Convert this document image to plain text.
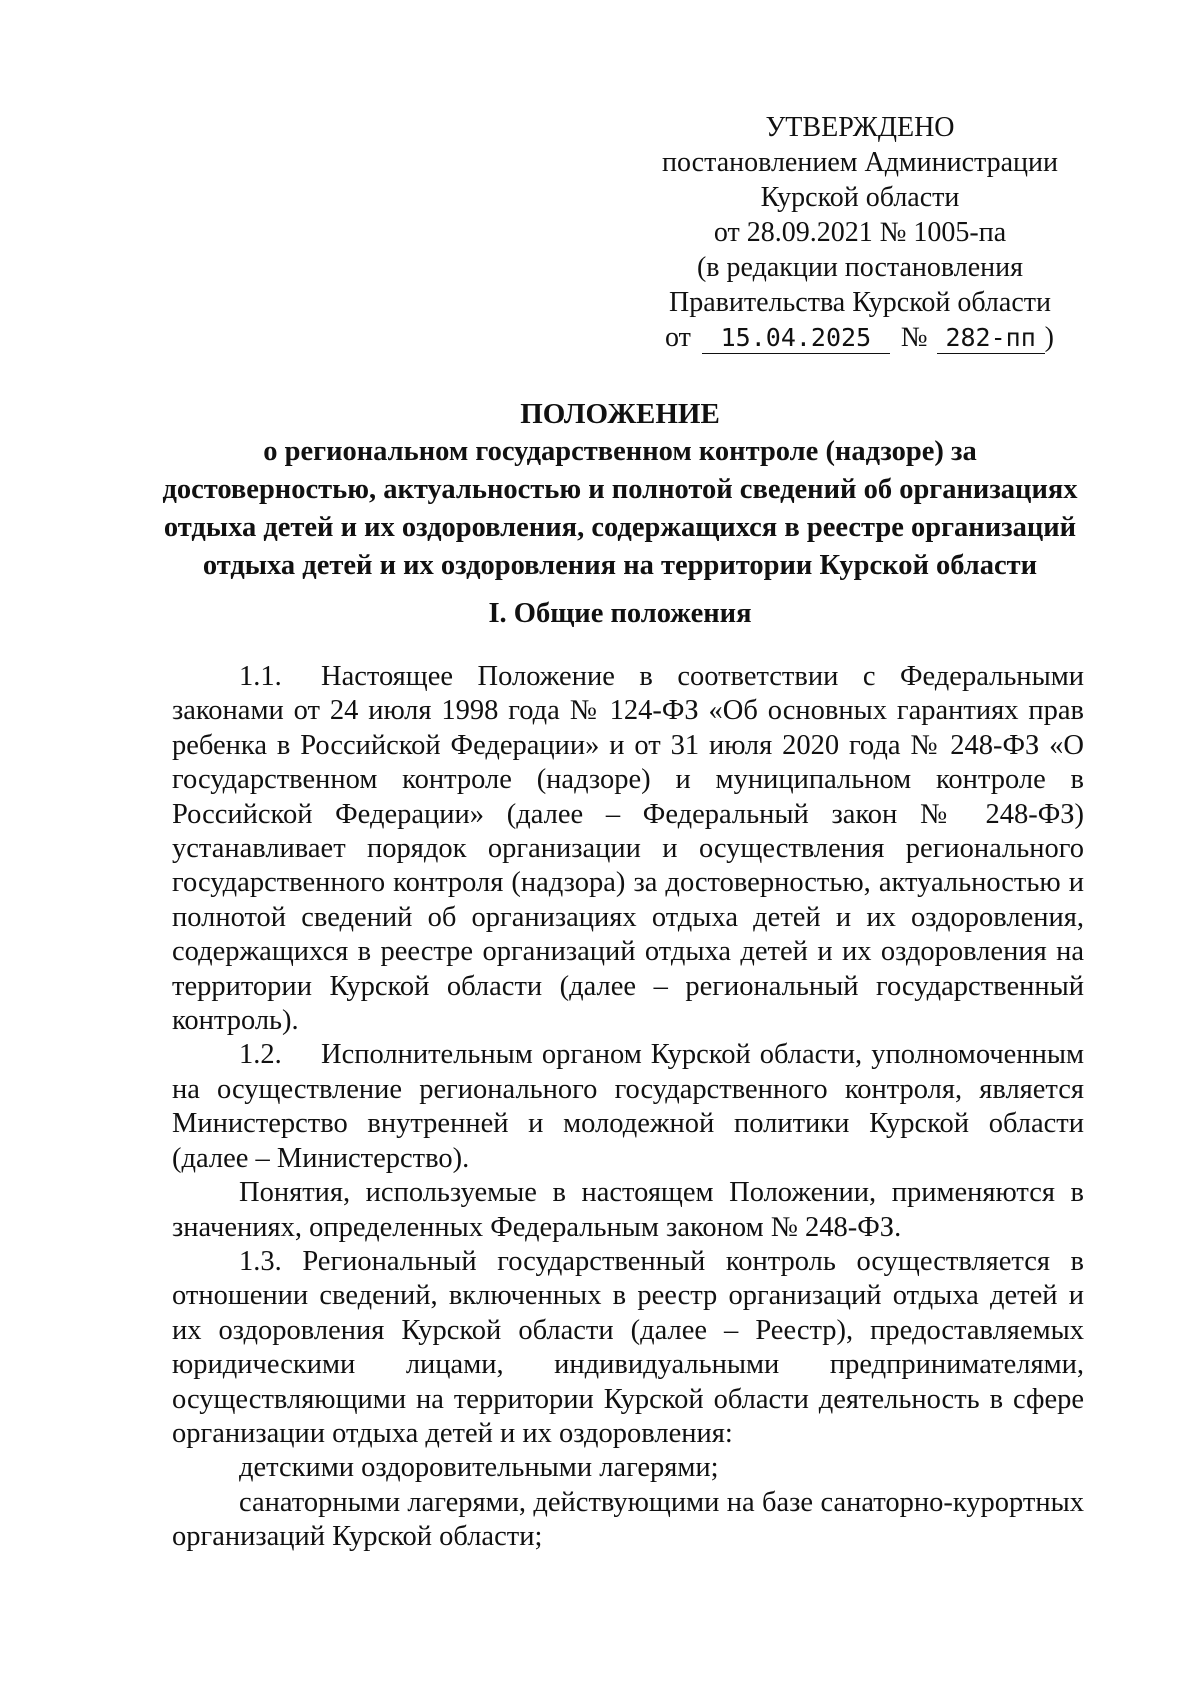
УТВЕРЖДЕНО
постановлением Администрации
Курской области
от 28.09.2021 № 1005-па
(в редакции постановления
Правительства Курской области
от 15.04.2025 № 282-пп )
ПОЛОЖЕНИЕ
о региональном государственном контроле (надзоре) за
достоверностью, актуальностью и полнотой сведений об организациях
отдыха детей и их оздоровления, содержащихся в реестре организаций
отдыха детей и их оздоровления на территории Курской области
I. Общие положения

1.1. Настоящее Положение в соответствии с Федеральными законами от 24 июля 1998 года № 124-ФЗ «Об основных гарантиях прав ребенка в Российской Федерации» и от 31 июля 2020 года № 248-ФЗ «О государственном контроле (надзоре) и муниципальном контроле в Российской Федерации» (далее – Федеральный закон № 248-ФЗ) устанавливает порядок организации и осуществления регионального государственного контроля (надзора) за достоверностью, актуальностью и полнотой сведений об организациях отдыха детей и их оздоровления, содержащихся в реестре организаций отдыха детей и их оздоровления на территории Курской области (далее – региональный государственный контроль).

1.2. Исполнительным органом Курской области, уполномоченным на осуществление регионального государственного контроля, является Министерство внутренней и молодежной политики Курской области (далее – Министерство).

Понятия, используемые в настоящем Положении, применяются в значениях, определенных Федеральным законом № 248-ФЗ.

1.3. Региональный государственный контроль осуществляется в отношении сведений, включенных в реестр организаций отдыха детей и их оздоровления Курской области (далее – Реестр), предоставляемых юридическими лицами, индивидуальными предпринимателями, осуществляющими на территории Курской области деятельность в сфере организации отдыха детей и их оздоровления:

детскими оздоровительными лагерями;

санаторными лагерями, действующими на базе санаторно-курортных организаций Курской области;
